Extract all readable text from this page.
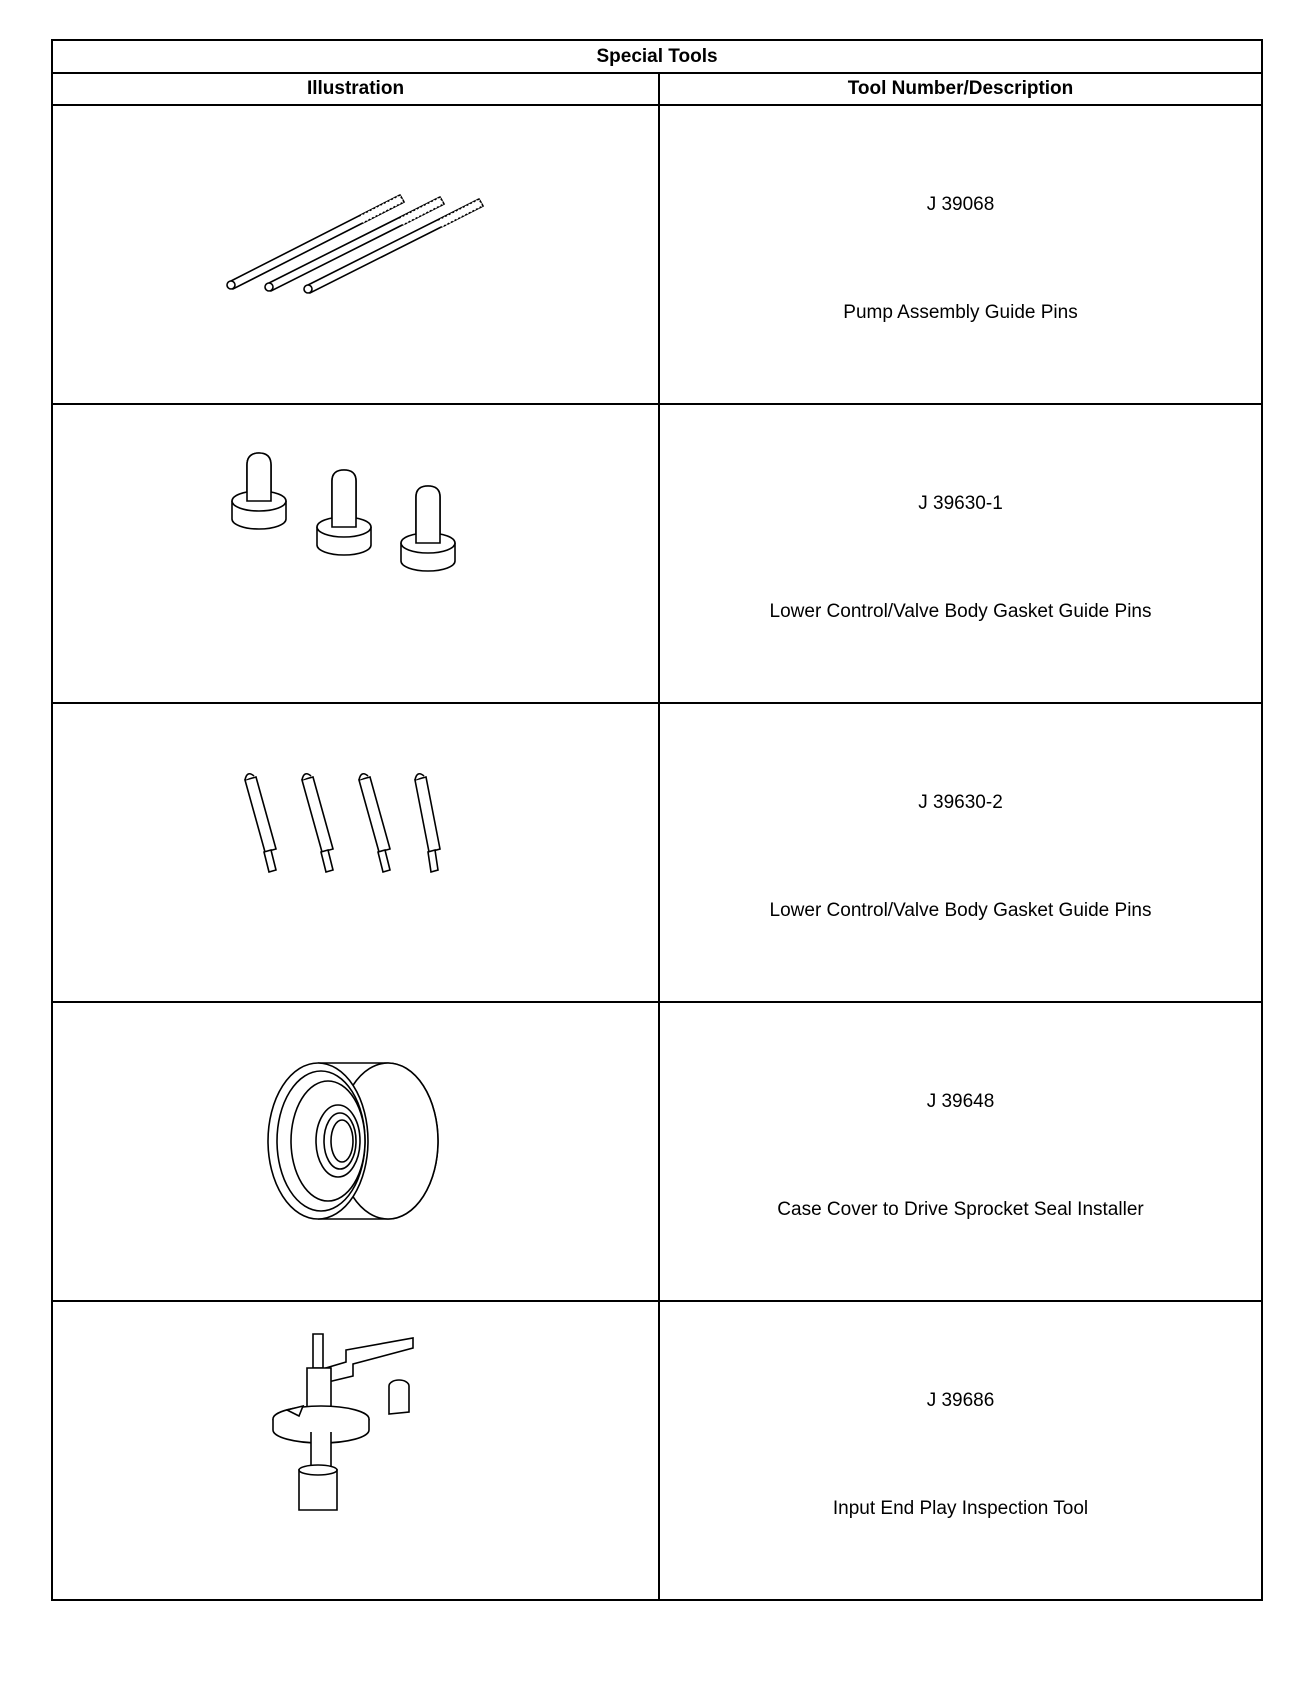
Special Tools	
Illustration	Tool Number/Description

J 39068
Pump Assembly Guide Pins

J 39630-1
Lower Control/Valve Body Gasket Guide Pins

J 39630-2
Lower Control/Valve Body Gasket Guide Pins

J 39648
Case Cover to Drive Sprocket Seal Installer

J 39686
Input End Play Inspection Tool
